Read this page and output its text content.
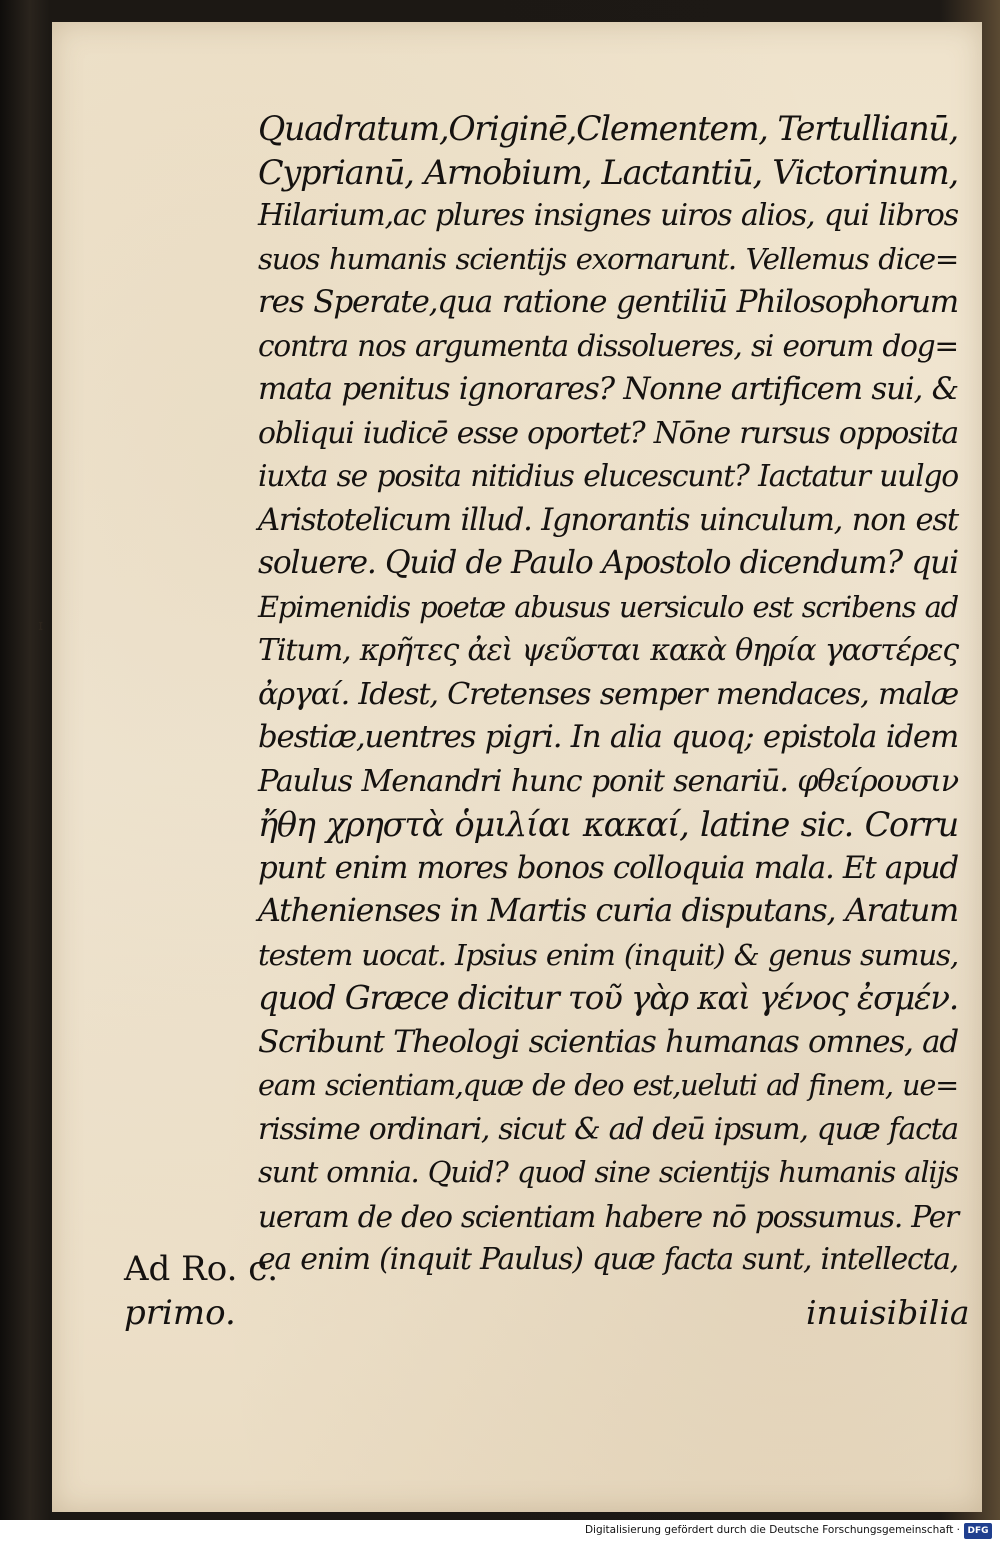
ɪ
Quadratum,Originē,Clementem, Tertullianū,
Cyprianū, Arnobium, Lactantiū, Victorinum,
Hilarium,ac plures insignes uiros alios, qui libros
suos humanis scientijs exornarunt. Vellemus dice=
res Sperate,qua ratione gentiliū Philosophorum
contra nos argumenta dissolueres, si eorum dog=
mata penitus ignorares? Nonne artificem sui, &
obliqui iudicē esse oportet? Nōne rursus opposita
iuxta se posita nitidius elucescunt? Iactatur uulgo
Aristotelicum illud. Ignorantis uinculum, non est
soluere. Quid de Paulo Apostolo dicendum? qui
Epimenidis poetæ abusus uersiculo est scribens ad
Titum, κρῆτες ἀεὶ ψεῦσται κακὰ θηρία γαστέρες
ἀργαί. Idest, Cretenses semper mendaces, malæ
bestiæ,uentres pigri. In alia quoq; epistola idem
Paulus Menandri hunc ponit senariū. φθείρουσιν
ἤθη χρηστὰ ὁμιλίαι κακαί, latine sic. Corru
punt enim mores bonos colloquia mala. Et apud
Athenienses in Martis curia disputans, Aratum
testem uocat. Ipsius enim (inquit) & genus sumus,
quod Græce dicitur τοῦ γὰρ καὶ γένος ἐσμέν.
Scribunt Theologi scientias humanas omnes, ad
eam scientiam,quæ de deo est,ueluti ad finem, ue=
rissime ordinari, sicut & ad deū ipsum, quæ facta
sunt omnia. Quid? quod sine scientijs humanis alijs
ueram de deo scientiam habere nō possumus. Per
ea enim (inquit Paulus) quæ facta sunt, intellecta,
Ad Ro. c.
primo.	inuisibilia
Digitalisierung gefördert durch die Deutsche Forschungsgemeinschaft · DFG
